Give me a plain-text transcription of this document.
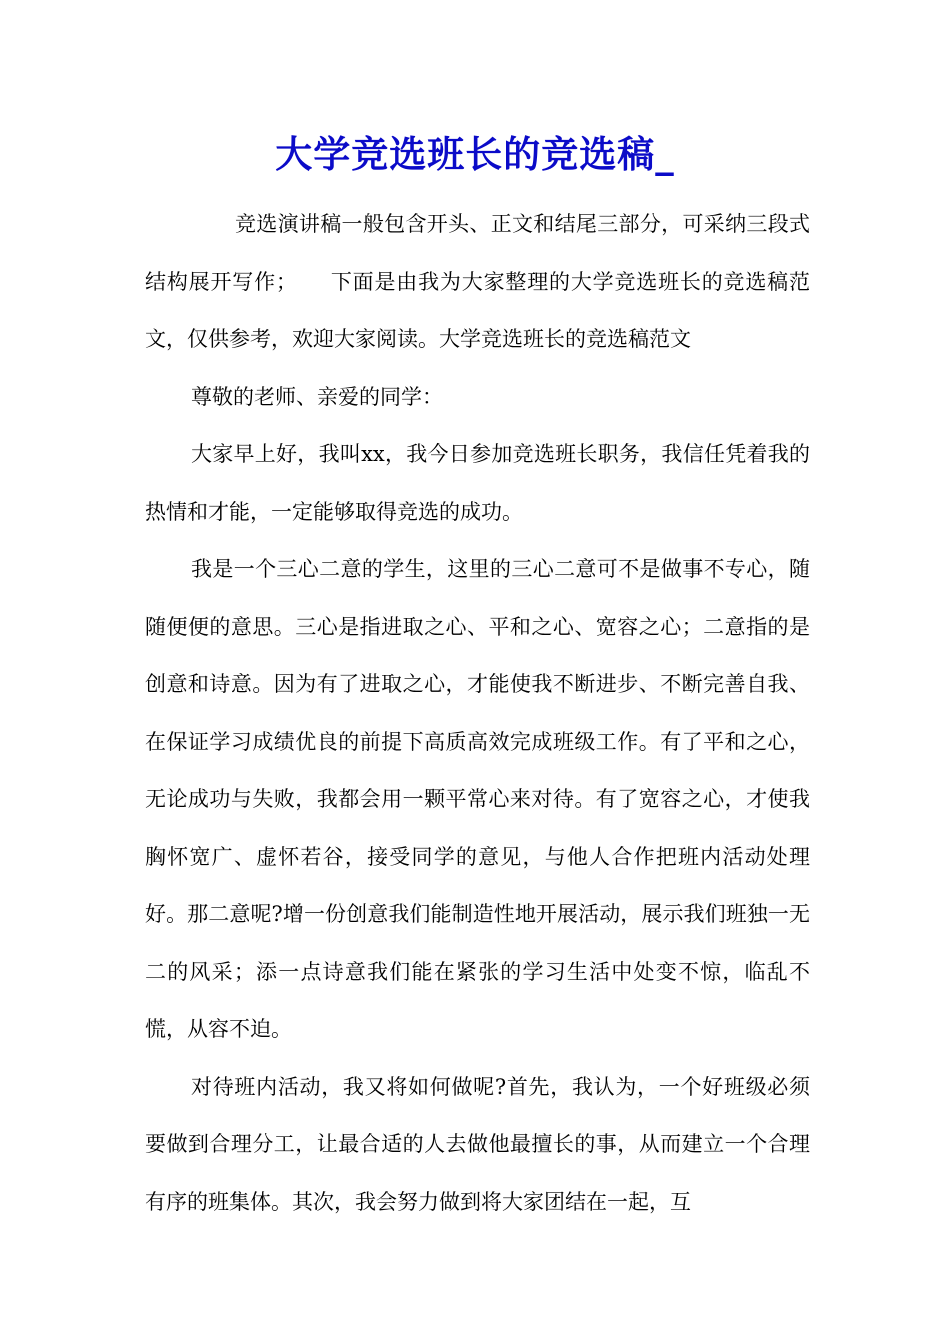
大学竞选班长的竞选稿_

竞选演讲稿一般包含开头、正文和结尾三部分，可采纳三段式结构展开写作；　　下面是由我为大家整理的大学竞选班长的竞选稿范文，仅供参考，欢迎大家阅读。大学竞选班长的竞选稿范文

尊敬的老师、亲爱的同学：

大家早上好，我叫xx，我今日参加竞选班长职务，我信任凭着我的热情和才能，一定能够取得竞选的成功。

我是一个三心二意的学生，这里的三心二意可不是做事不专心，随随便便的意思。三心是指进取之心、平和之心、宽容之心；二意指的是创意和诗意。因为有了进取之心，才能使我不断进步、不断完善自我、在保证学习成绩优良的前提下高质高效完成班级工作。有了平和之心，无论成功与失败，我都会用一颗平常心来对待。有了宽容之心，才使我胸怀宽广、虚怀若谷，接受同学的意见，与他人合作把班内活动处理好。那二意呢?增一份创意我们能制造性地开展活动，展示我们班独一无二的风采；添一点诗意我们能在紧张的学习生活中处变不惊，临乱不慌，从容不迫。

对待班内活动，我又将如何做呢?首先，我认为，一个好班级必须要做到合理分工，让最合适的人去做他最擅长的事，从而建立一个合理有序的班集体。其次，我会努力做到将大家团结在一起，互
